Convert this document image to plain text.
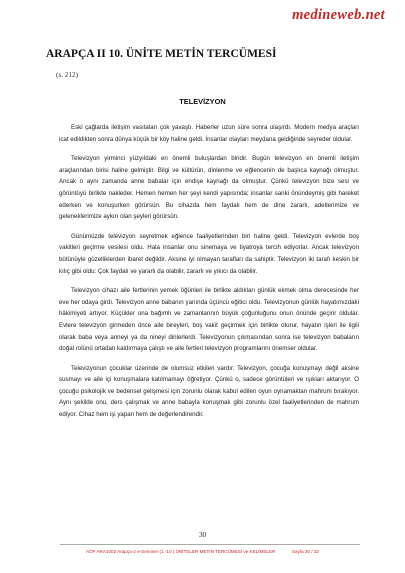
medineweb.net
ARAPÇA II 10. ÜNİTE METİN TERCÜMESİ
(s. 212)
TELEVİZYON

Eski çağlarda iletişim vasıtaları çok yavaştı. Haberler uzun süre sonra ulaşırdı. Modern medya araçları icat edildikten sonra dünya küçük bir köy haline geldi. İnsanlar olayları meydana geldiğinde seyreder oldular.

Televizyon yirminci yüzyıldaki en önemli buluşlardan biridir. Bugün televizyon en önemli iletişim araçlarından birisi haline gelmiştir. Bilgi ve kültürün, dinlenme ve eğlencenin de başlıca kaynağı olmuştur. Ancak o aynı zamanda anne babalar için endişe kaynağı da olmuştur. Çünkü televizyon bize sesi ve görüntüyü birlikte nakleder. Hemen hemen her şeyi kendi yapısında; insanlar sanki önündeymiş gibi hareket ederken ve konuşurken görürsün. Bu cihazda hem faydalı hem de dine zararlı, adetlerimize ve geleneklerimize aykırı olan şeyleri görürsün.

Günümüzde televizyon seyretmek eğlence faaliyetlerinden biri haline geldi. Televizyon evlerde boş vakitleri geçirme vesilesi oldu. Hala insanlar onu sinemaya ve tiyatroya tercih ediyorlar. Ancak televizyon bütünüyle güzelliklerden ibaret değildir. Aksine iyi olmayan tarafları da sahiptir. Televizyon iki tarafı keskin bir kılıç gibi oldu: Çok faydalı ve yararlı da olabilir, zararlı ve yıkıcı da olabilir.

Televizyon cihazı aile fertlerinin yemek öğünleri ile birlikte aldıkları günlük ekmek olma derecesinde her eve her odaya girdi. Televizyon anne babanın yanında üçüncü eğitici oldu. Televizyonun günlük hayatımızdaki hâkimiyeti artıyor. Küçükler ona bağımlı ve zamanlarının büyük çoğunluğunu onun önünde geçirir oldular. Evlere televizyon girmeden önce aile bireyleri, boş vakit geçirmek için birlikte oturur, hayatın işleri ile ilgili olarak baba veya anneyi ya da nineyi dinlerlerdi. Televizyonun çıkmasından sonra ise televizyon babaların doğal rolünü ortadan kaldırmaya çalıştı ve aile fertleri televizyon programlarını önemser oldular.

Televizyonun çocuklar üzerinde de olumsuz etkileri vardır. Televizyon, çocuğa konuşmayı değil aksine susmayı ve aile içi konuşmalara katılmamayı öğretiyor. Çünkü o, sadece görüntüleri ve ışıkları aktarıyor. O çocuğu psikolojik ve bedensel gelişmesi için zorunlu olarak kabul edilen oyun oynamaktan mahrum bırakıyor. Aynı şekilde onu, ders çalışmak ve anne babayla konuşmak gibi zorunlu özel faaliyetlerinden de mahrum ediyor. Cihaz hem işi yapan hem de değerlendirendir.

30
AÖF ARA1002 Arapça-2 e-Seminer (1.-10.) ÜNİTELER METİN TERCÜMESİ ve KELİMELER	Sayfa 30 / 32
